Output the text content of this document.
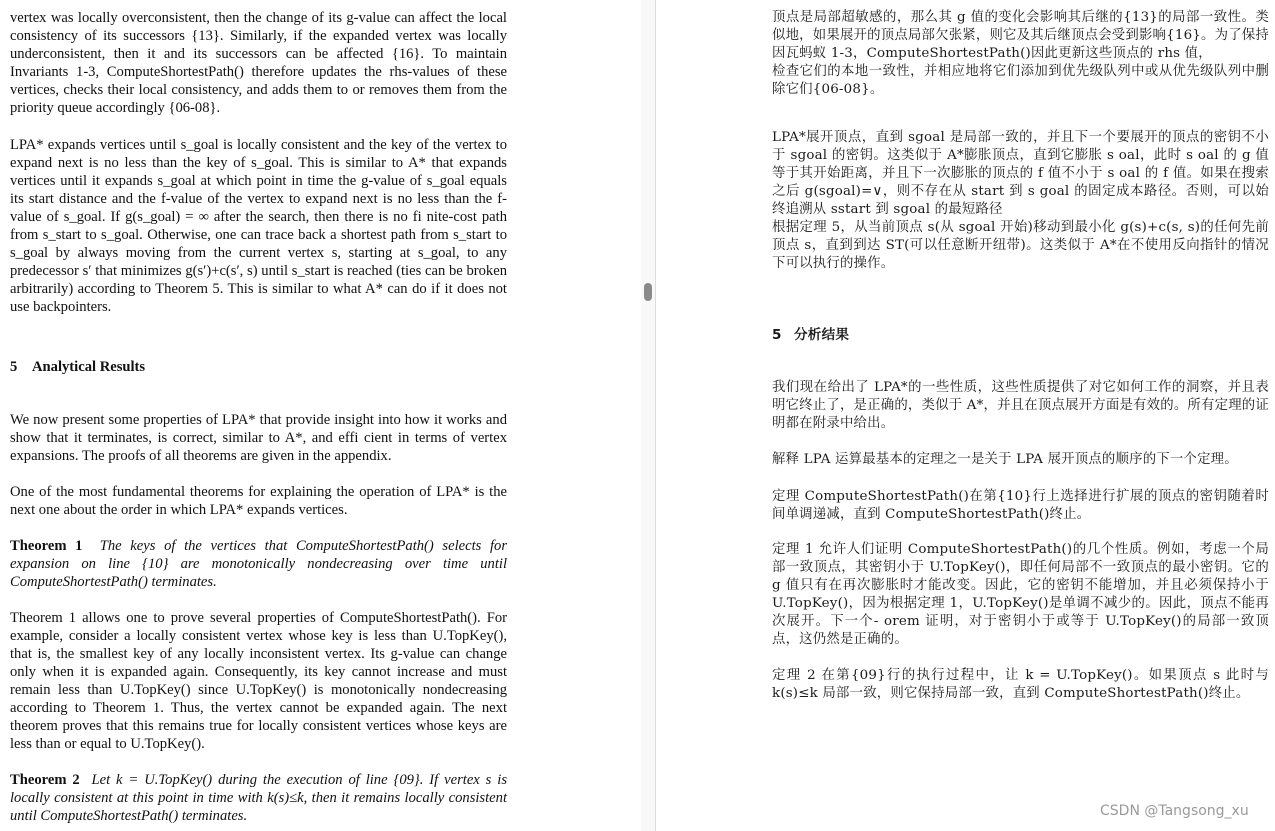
vertex was locally overconsistent, then the change of its g-value can affect the local consistency of its successors {13}. Similarly, if the expanded vertex was locally underconsistent, then it and its successors can be affected {16}. To maintain Invariants 1-3, ComputeShortestPath() therefore updates the rhs-values of these vertices, checks their local consistency, and adds them to or removes them from the priority queue accordingly {06-08}.

LPA* expands vertices until s_goal is locally consistent and the key of the vertex to expand next is no less than the key of s_goal. This is similar to A* that expands vertices until it expands s_goal at which point in time the g-value of s_goal equals its start distance and the f-value of the vertex to expand next is no less than the f-value of s_goal. If g(s_goal) = ∞ after the search, then there is no fi nite-cost path from s_start to s_goal. Otherwise, one can trace back a shortest path from s_start to s_goal by always moving from the current vertex s, starting at s_goal, to any predecessor s′ that minimizes g(s′)+c(s′, s) until s_start is reached (ties can be broken arbitrarily) according to Theorem 5. This is similar to what A* can do if it does not use backpointers.

5 Analytical Results

We now present some properties of LPA* that provide insight into how it works and show that it terminates, is correct, similar to A*, and effi cient in terms of vertex expansions. The proofs of all theorems are given in the appendix.

One of the most fundamental theorems for explaining the operation of LPA* is the next one about the order in which LPA* expands vertices.

Theorem 1 The keys of the vertices that ComputeShortestPath() selects for expansion on line {10} are monotonically nondecreasing over time until ComputeShortestPath() terminates.

Theorem 1 allows one to prove several properties of ComputeShortestPath(). For example, consider a locally consistent vertex whose key is less than U.TopKey(), that is, the smallest key of any locally inconsistent vertex. Its g-value can change only when it is expanded again. Consequently, its key cannot increase and must remain less than U.TopKey() since U.TopKey() is monotonically nondecreasing according to Theorem 1. Thus, the vertex cannot be expanded again. The next theorem proves that this remains true for locally consistent vertices whose keys are less than or equal to U.TopKey().

Theorem 2 Let k = U.TopKey() during the execution of line {09}. If vertex s is locally consistent at this point in time with k(s)≤̇k, then it remains locally consistent until ComputeShortestPath() terminates.

顶点是局部超敏感的，那么其 g 值的变化会影响其后继的{13}的局部一致性。类似地，如果展开的顶点局部欠张紧，则它及其后继顶点会受到影响{16}。为了保持因瓦蚂蚁 1-3，ComputeShortestPath()因此更新这些顶点的 rhs 值，

检查它们的本地一致性，并相应地将它们添加到优先级队列中或从优先级队列中删除它们{06-08}。

LPA*展开顶点，直到 sgoal 是局部一致的，并且下一个要展开的顶点的密钥不小于 sgoal 的密钥。这类似于 A*膨胀顶点，直到它膨胀 s oal，此时 s oal 的 g 值等于其开始距离，并且下一次膨胀的顶点的 f 值不小于 s oal 的 f 值。如果在搜索之后 g(sgoal)=∨，则不存在从 start 到 s goal 的固定成本路径。否则，可以始终追溯从 sstart 到 sgoal 的最短路径

根据定理 5，从当前顶点 s(从 sgoal 开始)移动到最小化 g(s)+c(s, s)的任何先前顶点 s，直到到达 ST(可以任意断开纽带)。这类似于 A*在不使用反向指针的情况下可以执行的操作。

5 分析结果

我们现在给出了 LPA*的一些性质，这些性质提供了对它如何工作的洞察，并且表明它终止了，是正确的，类似于 A*，并且在顶点展开方面是有效的。所有定理的证明都在附录中给出。

解释 LPA 运算最基本的定理之一是关于 LPA 展开顶点的顺序的下一个定理。

定理 ComputeShortestPath()在第{10}行上选择进行扩展的顶点的密钥随着时间单调递减，直到 ComputeShortestPath()终止。

定理 1 允许人们证明 ComputeShortestPath()的几个性质。例如，考虑一个局部一致顶点，其密钥小于 U.TopKey()，即任何局部不一致顶点的最小密钥。它的 g 值只有在再次膨胀时才能改变。因此，它的密钥不能增加，并且必须保持小于 U.TopKey()，因为根据定理 1，U.TopKey()是单调不减少的。因此，顶点不能再次展开。下一个- orem 证明，对于密钥小于或等于 U.TopKey()的局部一致顶点，这仍然是正确的。

定理 2 在第{09}行的执行过程中，让 k = U.TopKey()。如果顶点 s 此时与 k(s)≤k 局部一致，则它保持局部一致，直到 ComputeShortestPath()终止。

CSDN @Tangsong_xu
